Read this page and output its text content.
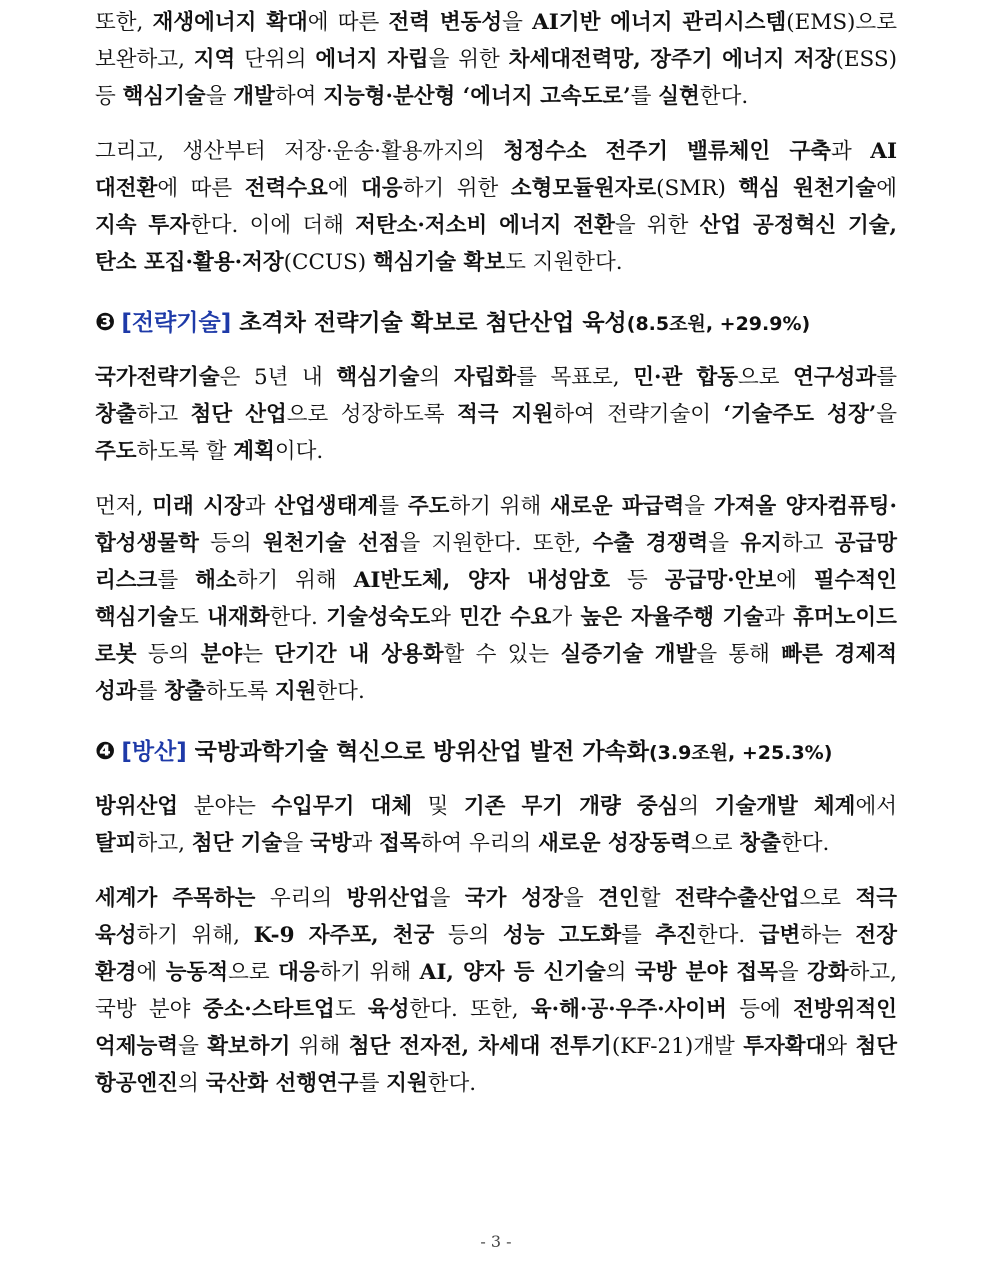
또한, 재생에너지 확대에 따른 전력 변동성을 AI기반 에너지 관리시스템(EMS)으로 보완하고, 지역 단위의 에너지 자립을 위한 차세대전력망, 장주기 에너지 저장(ESS) 등 핵심기술을 개발하여 지능형·분산형 ‘에너지 고속도로’를 실현한다.

그리고, 생산부터 저장·운송·활용까지의 청정수소 전주기 밸류체인 구축과 AI 대전환에 따른 전력수요에 대응하기 위한 소형모듈원자로(SMR) 핵심 원천기술에 지속 투자한다. 이에 더해 저탄소·저소비 에너지 전환을 위한 산업 공정혁신 기술, 탄소 포집·활용·저장(CCUS) 핵심기술 확보도 지원한다.

❸ [전략기술] 초격차 전략기술 확보로 첨단산업 육성(8.5조원, +29.9%)

국가전략기술은 5년 내 핵심기술의 자립화를 목표로, 민·관 합동으로 연구성과를 창출하고 첨단 산업으로 성장하도록 적극 지원하여 전략기술이 ‘기술주도 성장’을 주도하도록 할 계획이다.

먼저, 미래 시장과 산업생태계를 주도하기 위해 새로운 파급력을 가져올 양자컴퓨팅·합성생물학 등의 원천기술 선점을 지원한다. 또한, 수출 경쟁력을 유지하고 공급망 리스크를 해소하기 위해 AI반도체, 양자 내성암호 등 공급망·안보에 필수적인 핵심기술도 내재화한다. 기술성숙도와 민간 수요가 높은 자율주행 기술과 휴머노이드 로봇 등의 분야는 단기간 내 상용화할 수 있는 실증기술 개발을 통해 빠른 경제적 성과를 창출하도록 지원한다.

❹ [방산] 국방과학기술 혁신으로 방위산업 발전 가속화(3.9조원, +25.3%)

방위산업 분야는 수입무기 대체 및 기존 무기 개량 중심의 기술개발 체계에서 탈피하고, 첨단 기술을 국방과 접목하여 우리의 새로운 성장동력으로 창출한다.

세계가 주목하는 우리의 방위산업을 국가 성장을 견인할 전략수출산업으로 적극 육성하기 위해, K-9 자주포, 천궁 등의 성능 고도화를 추진한다. 급변하는 전장 환경에 능동적으로 대응하기 위해 AI, 양자 등 신기술의 국방 분야 접목을 강화하고, 국방 분야 중소·스타트업도 육성한다. 또한, 육·해·공·우주·사이버 등에 전방위적인 억제능력을 확보하기 위해 첨단 전자전, 차세대 전투기(KF-21)개발 투자확대와 첨단 항공엔진의 국산화 선행연구를 지원한다.

- 3 -
